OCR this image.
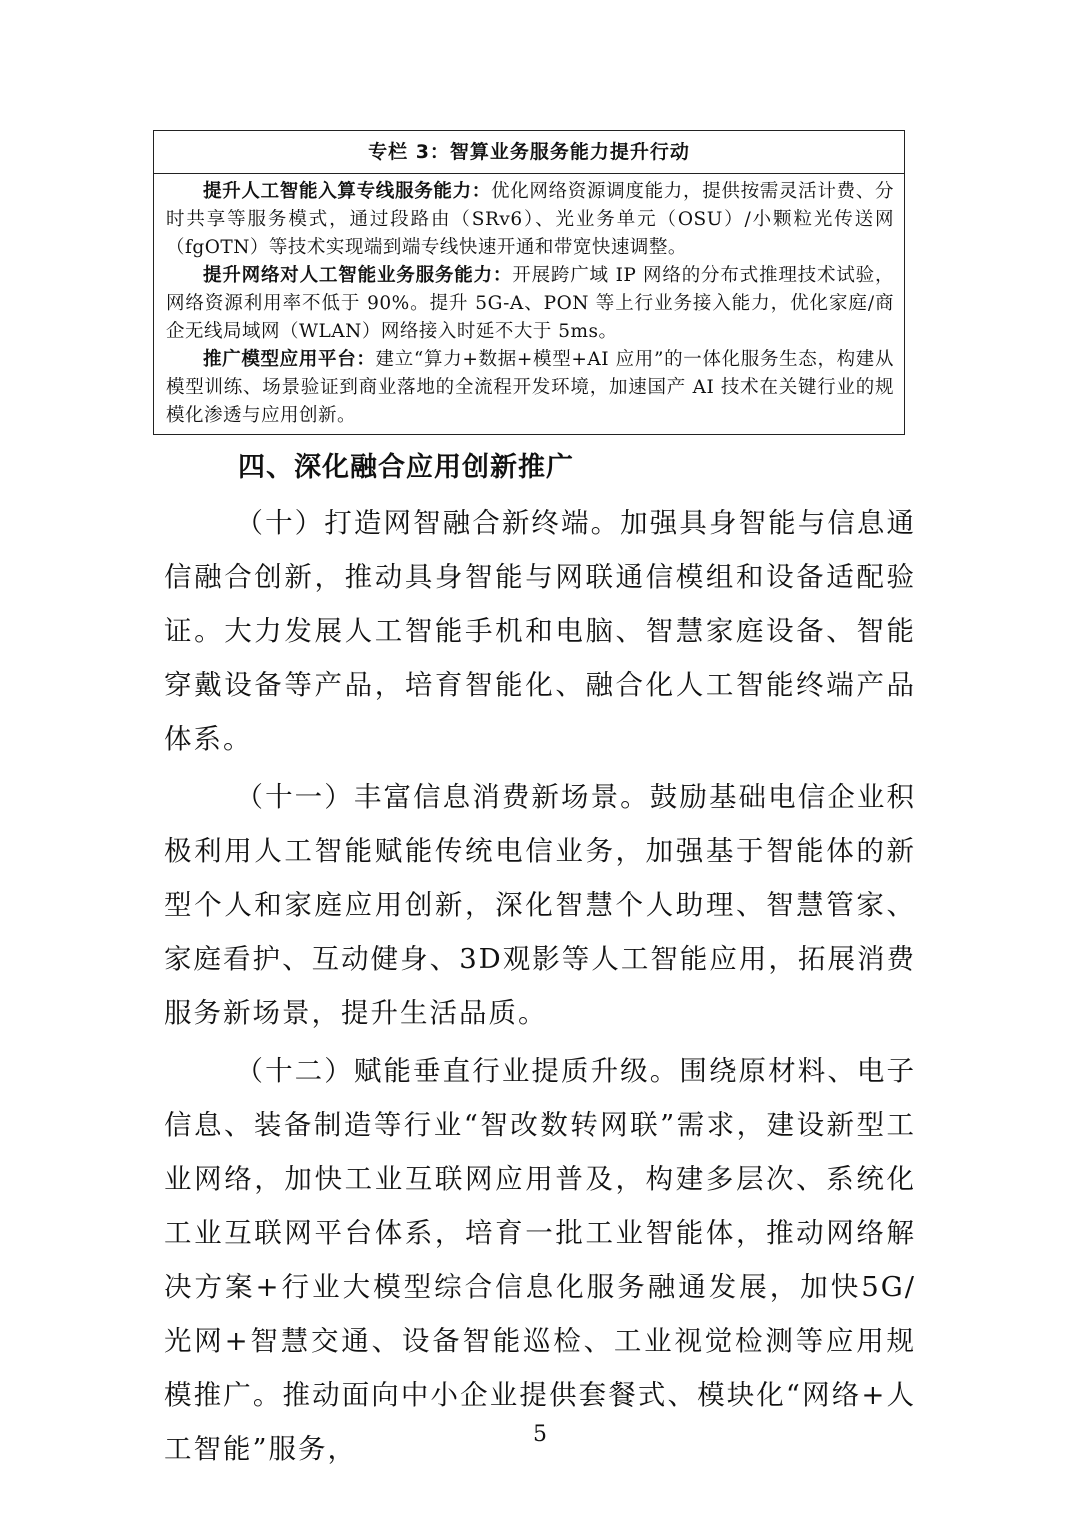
专栏 3：智算业务服务能力提升行动

提升人工智能入算专线服务能力：优化网络资源调度能力，提供按需灵活计费、分时共享等服务模式，通过段路由（SRv6）、光业务单元（OSU）/小颗粒光传送网（fgOTN）等技术实现端到端专线快速开通和带宽快速调整。

提升网络对人工智能业务服务能力：开展跨广域 IP 网络的分布式推理技术试验，网络资源利用率不低于 90%。提升 5G-A、PON 等上行业务接入能力，优化家庭/商企无线局域网（WLAN）网络接入时延不大于 5ms。

推广模型应用平台：建立“算力+数据+模型+AI 应用”的一体化服务生态，构建从模型训练、场景验证到商业落地的全流程开发环境，加速国产 AI 技术在关键行业的规模化渗透与应用创新。

四、深化融合应用创新推广

（十）打造网智融合新终端。加强具身智能与信息通信融合创新，推动具身智能与网联通信模组和设备适配验证。大力发展人工智能手机和电脑、智慧家庭设备、智能穿戴设备等产品，培育智能化、融合化人工智能终端产品体系。

（十一）丰富信息消费新场景。鼓励基础电信企业积极利用人工智能赋能传统电信业务，加强基于智能体的新型个人和家庭应用创新，深化智慧个人助理、智慧管家、家庭看护、互动健身、3D观影等人工智能应用，拓展消费服务新场景，提升生活品质。

（十二）赋能垂直行业提质升级。围绕原材料、电子信息、装备制造等行业“智改数转网联”需求，建设新型工业网络，加快工业互联网应用普及，构建多层次、系统化工业互联网平台体系，培育一批工业智能体，推动网络解决方案+行业大模型综合信息化服务融通发展，加快5G/光网+智慧交通、设备智能巡检、工业视觉检测等应用规模推广。推动面向中小企业提供套餐式、模块化“网络+人工智能”服务，	5
